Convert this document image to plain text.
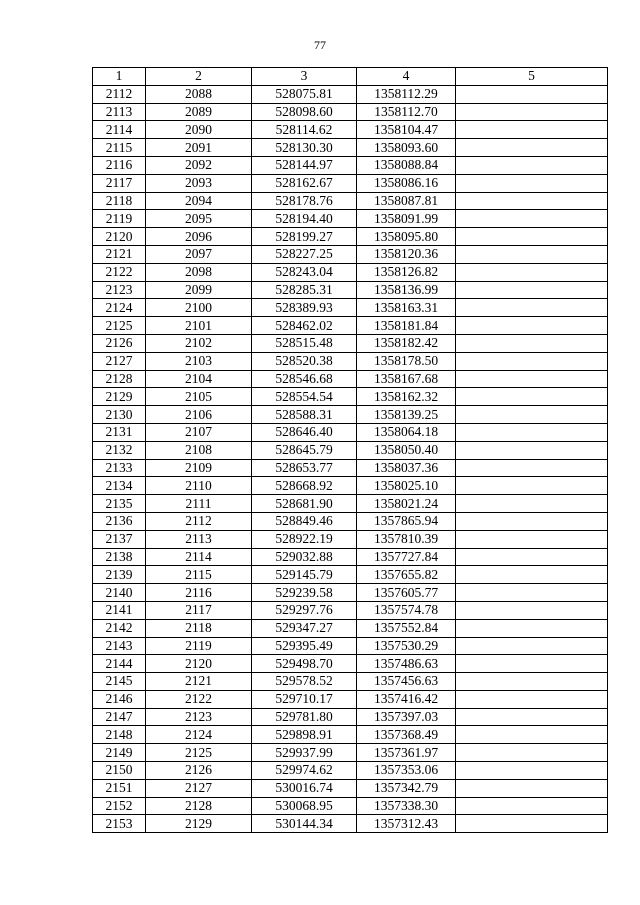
77
1	2	3	4	5
2112	2088	528075.81	1358112.29	
2113	2089	528098.60	1358112.70	
2114	2090	528114.62	1358104.47	
2115	2091	528130.30	1358093.60	
2116	2092	528144.97	1358088.84	
2117	2093	528162.67	1358086.16	
2118	2094	528178.76	1358087.81	
2119	2095	528194.40	1358091.99	
2120	2096	528199.27	1358095.80	
2121	2097	528227.25	1358120.36	
2122	2098	528243.04	1358126.82	
2123	2099	528285.31	1358136.99	
2124	2100	528389.93	1358163.31	
2125	2101	528462.02	1358181.84	
2126	2102	528515.48	1358182.42	
2127	2103	528520.38	1358178.50	
2128	2104	528546.68	1358167.68	
2129	2105	528554.54	1358162.32	
2130	2106	528588.31	1358139.25	
2131	2107	528646.40	1358064.18	
2132	2108	528645.79	1358050.40	
2133	2109	528653.77	1358037.36	
2134	2110	528668.92	1358025.10	
2135	2111	528681.90	1358021.24	
2136	2112	528849.46	1357865.94	
2137	2113	528922.19	1357810.39	
2138	2114	529032.88	1357727.84	
2139	2115	529145.79	1357655.82	
2140	2116	529239.58	1357605.77	
2141	2117	529297.76	1357574.78	
2142	2118	529347.27	1357552.84	
2143	2119	529395.49	1357530.29	
2144	2120	529498.70	1357486.63	
2145	2121	529578.52	1357456.63	
2146	2122	529710.17	1357416.42	
2147	2123	529781.80	1357397.03	
2148	2124	529898.91	1357368.49	
2149	2125	529937.99	1357361.97	
2150	2126	529974.62	1357353.06	
2151	2127	530016.74	1357342.79	
2152	2128	530068.95	1357338.30	
2153	2129	530144.34	1357312.43	
